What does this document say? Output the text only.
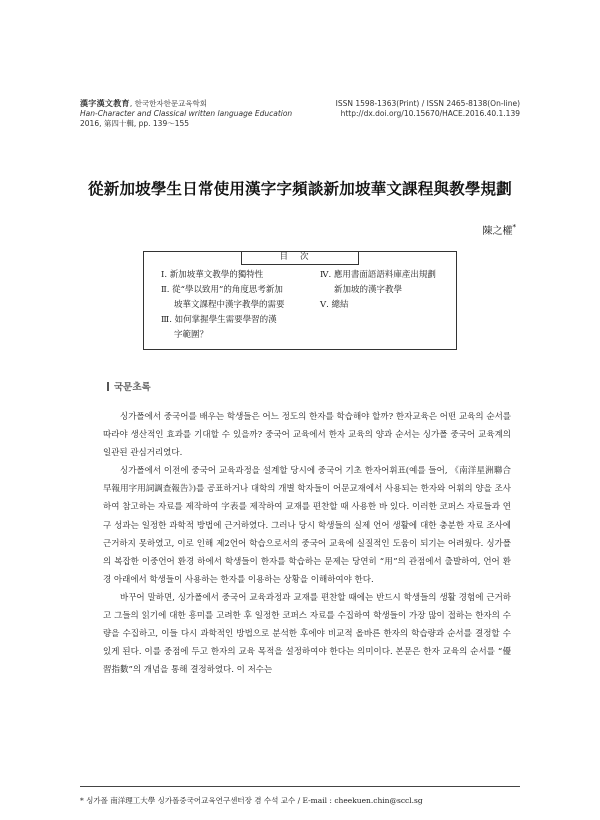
漢字漢文教育, 한국한자한문교육학회
Han-Character and Classical written language Education
2016, 第四十輯, pp. 139～155
ISSN 1598-1363(Print) / ISSN 2465-8138(On-line)
http://dx.doi.org/10.15670/HACE.2016.40.1.139
從新加坡學生日常使用漢字字頻談新加坡華文課程與教學規劃
陳之權*
目次
Ⅰ. 新加坡華文教學的獨特性
Ⅱ. 從“學以致用”的角度思考新加
坡華文課程中漢字教學的需要
Ⅲ. 如何掌握學生需要學習的漢
字範圍？
Ⅳ. 應用書面語語料庫產出規劃
新加坡的漢字教學
Ⅴ. 總結
국문초록

싱가폴에서 중국어를 배우는 학생들은 어느 정도의 한자를 학습해야 할까? 한자교육은 어떤 교육의 순서를 따라야 생산적인 효과를 기대할 수 있을까? 중국어 교육에서 한자 교육의 양과 순서는 싱가폴 중국어 교육계의 일관된 관심거리였다.

싱가폴에서 이전에 중국어 교육과정을 설계할 당시에 중국어 기초 한자어휘표(예를 들어, 《南洋星洲聯合早報用字用詞調查報告》)를 공표하거나 대학의 개별 학자들이 어문교재에서 사용되는 한자와 어휘의 양을 조사하여 참고하는 자료를 제작하여 字表를 제작하여 교재를 편찬할 때 사용한 바 있다. 이러한 코퍼스 자료들과 연구 성과는 일정한 과학적 방법에 근거하였다. 그러나 당시 학생들의 실제 언어 생활에 대한 충분한 자료 조사에 근거하지 못하였고, 이로 인해 제2언어 학습으로서의 중국어 교육에 실질적인 도움이 되기는 어려웠다. 싱가폴의 복잡한 이중언어 환경 하에서 학생들이 한자를 학습하는 문제는 당연히 “用”의 관점에서 출발하여, 언어 환경 아래에서 학생들이 사용하는 한자를 이용하는 상황을 이해하여야 한다.

바꾸어 말하면, 싱가폴에서 중국어 교육과정과 교재를 편찬할 때에는 반드시 학생들의 생활 경험에 근거하고 그들의 읽기에 대한 흥미를 고려한 후 일정한 코퍼스 자료를 수집하여 학생들이 가장 많이 접하는 한자의 수량을 수집하고, 이들 다시 과학적인 방법으로 분석한 후에야 비교적 올바른 한자의 학습량과 순서를 결정할 수 있게 된다. 이를 중점에 두고 한자의 교육 목적을 설정하여야 한다는 의미이다. 본문은 한자 교육의 순서를 “優習指數”의 개념을 통해 결정하였다. 이 저수는

* 싱가폴 南洋理工大學 싱가폴중국어교육연구센터장 겸 수석 교수 / E-mail : cheekuen.chin@sccl.sg
